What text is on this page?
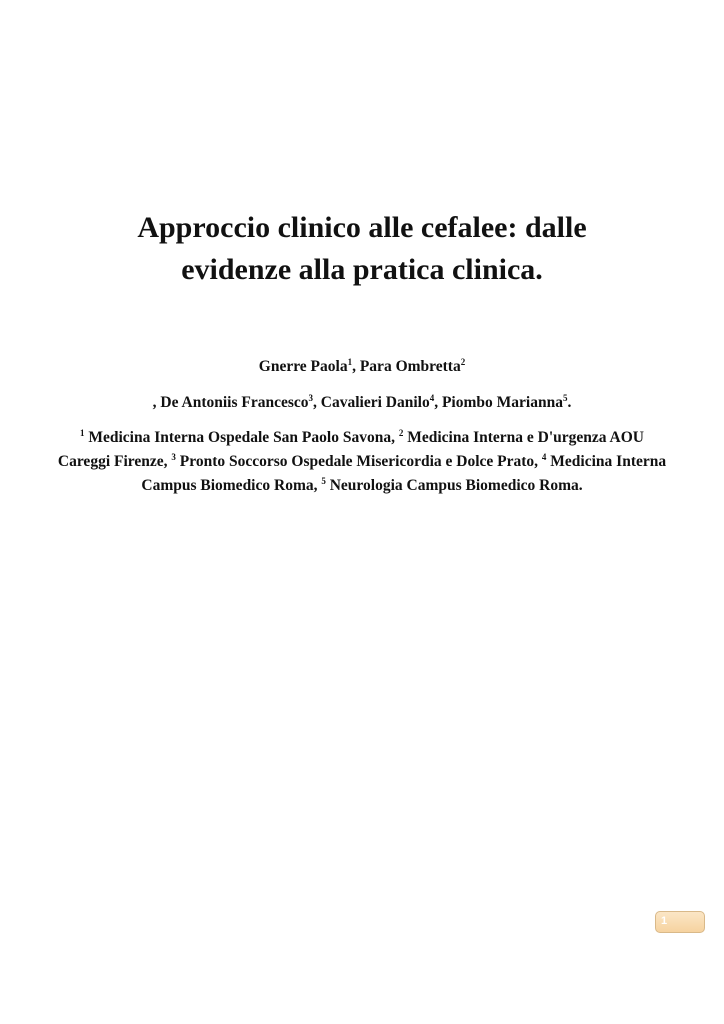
Approccio clinico alle cefalee: dalle
evidenze alla pratica clinica.

Gnerre Paola$^1$, Para Ombretta$^2$

, De Antoniis Francesco$^3$, Cavalieri Danilo$^4$, Piombo Marianna$^5$.

$^1$ Medicina Interna Ospedale San Paolo Savona, $^2$ Medicina Interna e D'urgenza AOU Careggi Firenze, $^3$ Pronto Soccorso Ospedale Misericordia e Dolce Prato, $^4$ Medicina Interna Campus Biomedico Roma, $^5$ Neurologia Campus Biomedico Roma.

1
